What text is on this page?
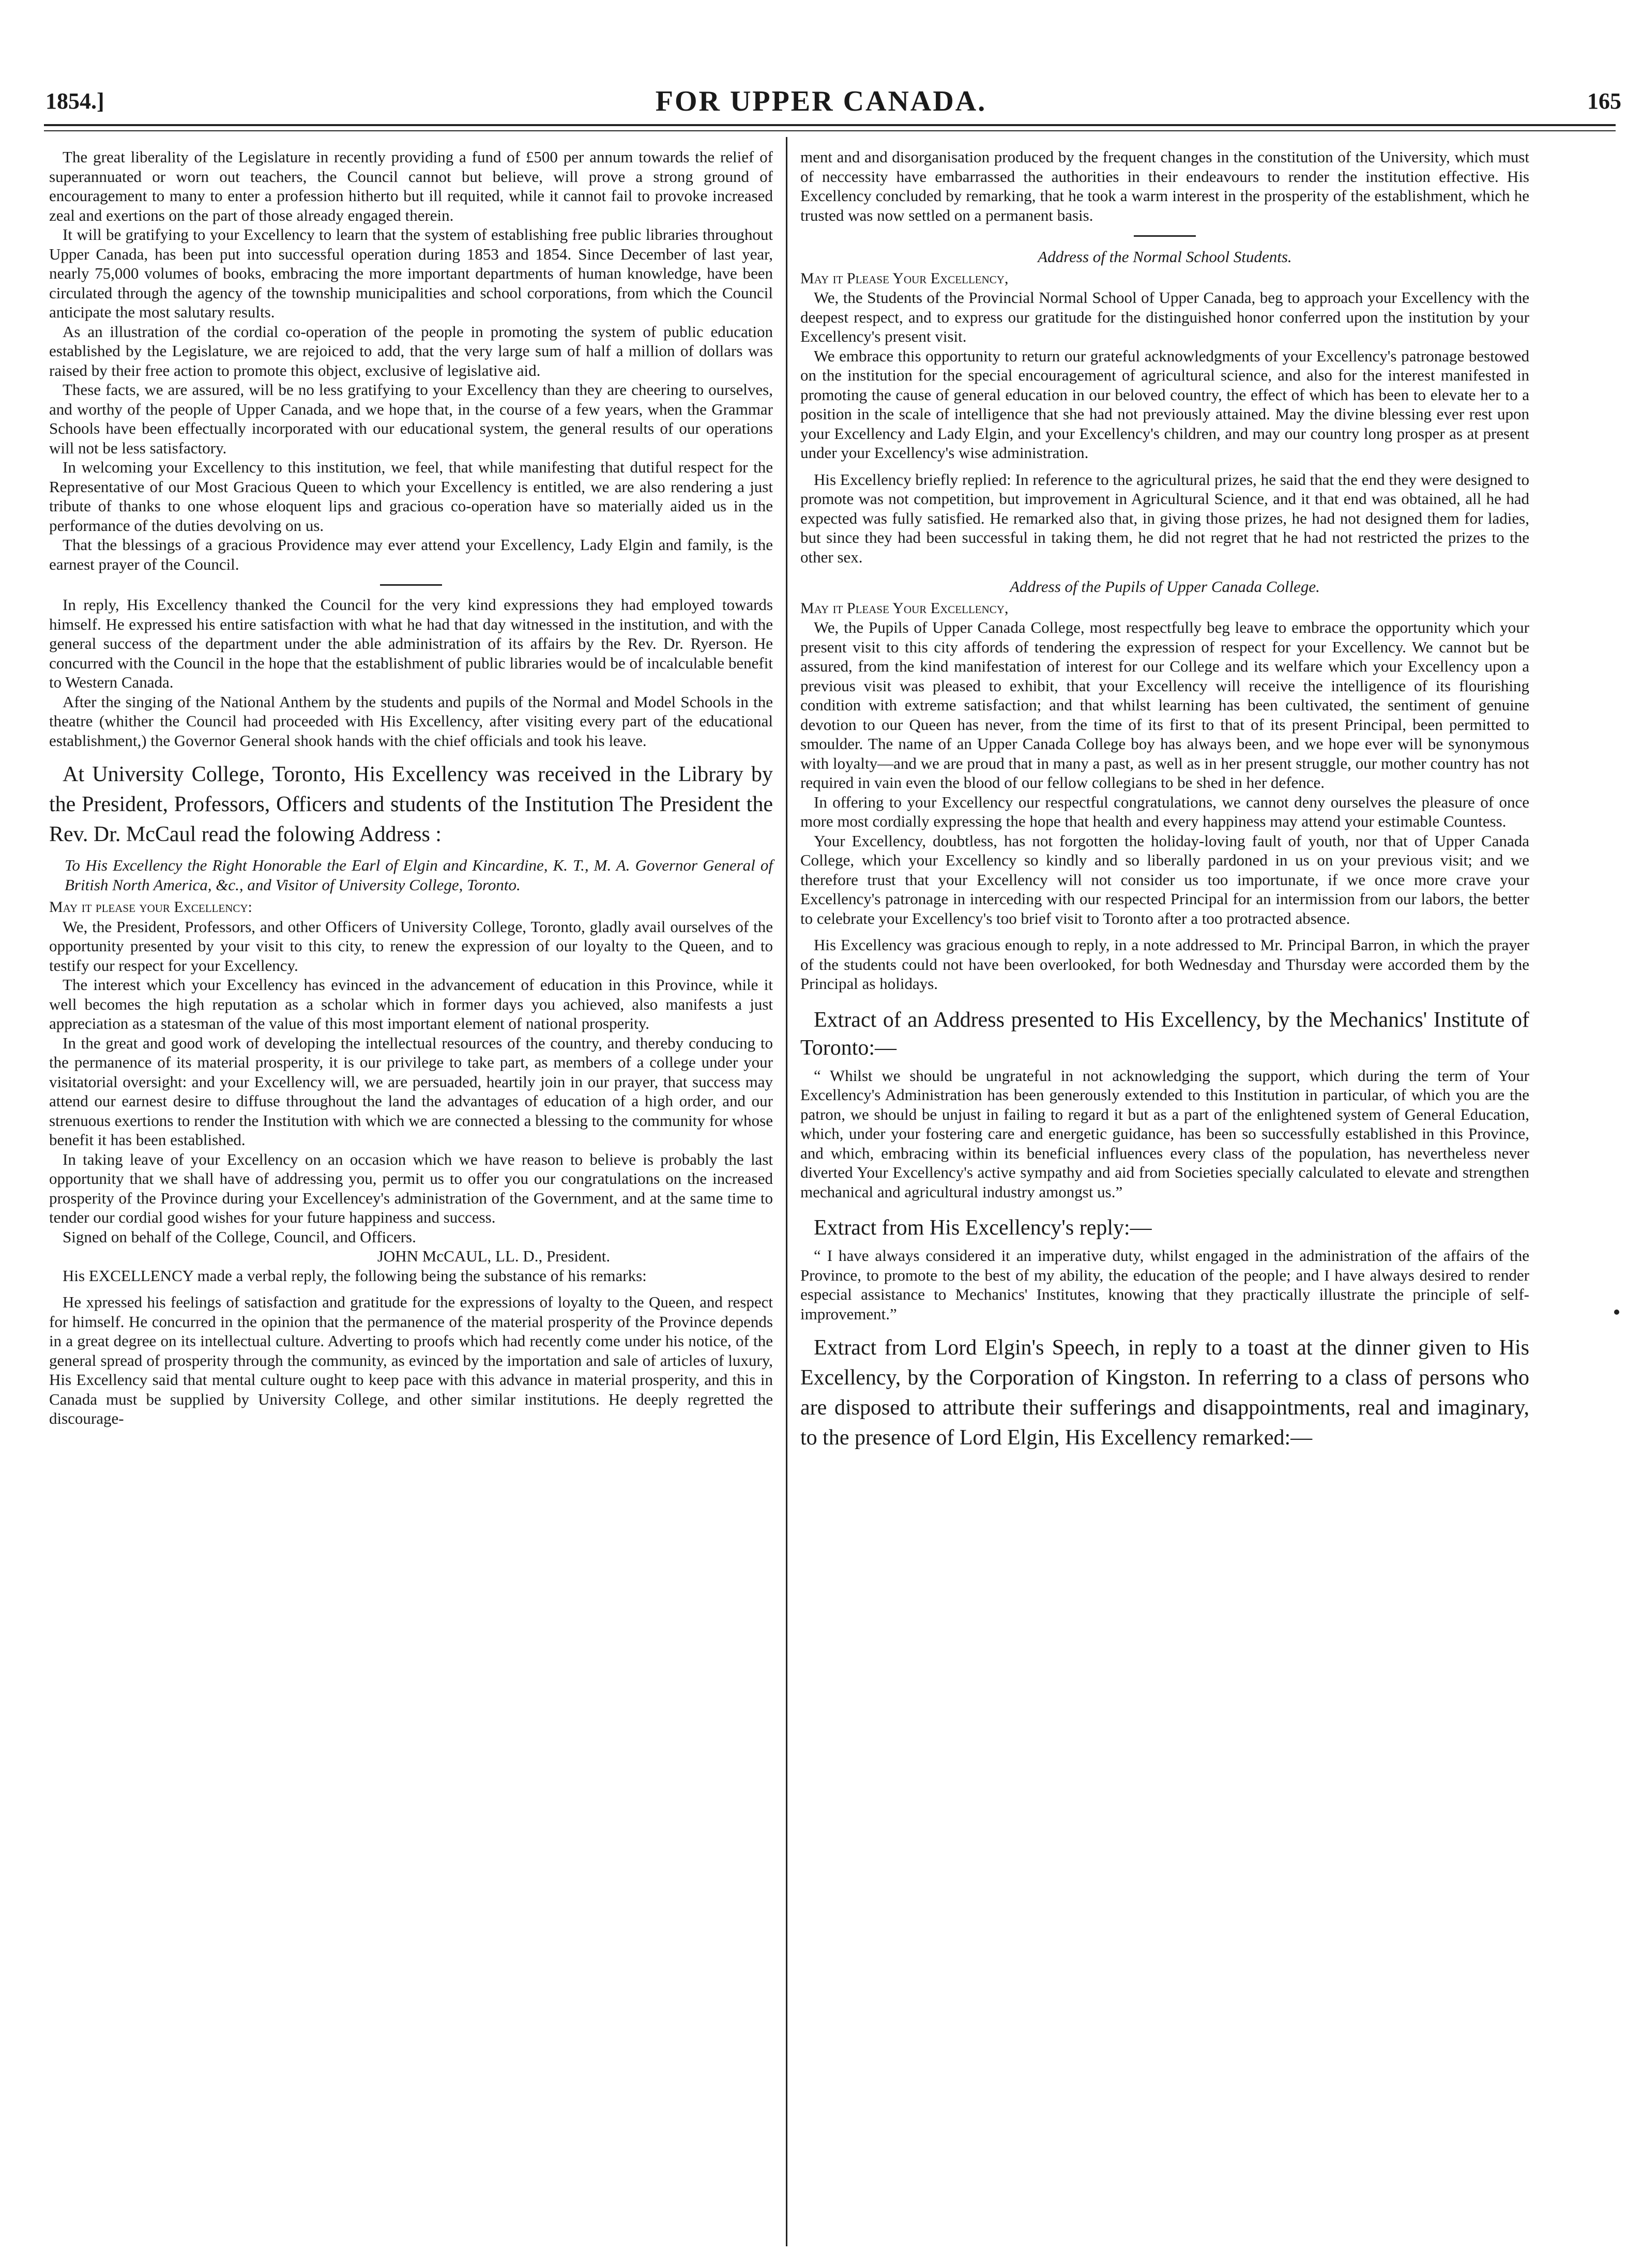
1854.]	FOR UPPER CANADA.	165

The great liberality of the Legislature in recently providing a fund of £500 per annum towards the relief of superannuated or worn out teachers, the Council cannot but believe, will prove a strong ground of encouragement to many to enter a profession hitherto but ill requited, while it cannot fail to provoke increased zeal and exertions on the part of those already engaged therein.

It will be gratifying to your Excellency to learn that the system of establishing free public libraries throughout Upper Canada, has been put into successful operation during 1853 and 1854. Since December of last year, nearly 75,000 volumes of books, embracing the more important departments of human knowledge, have been circulated through the agency of the township municipalities and school corporations, from which the Council anticipate the most salutary results.

As an illustration of the cordial co-operation of the people in promoting the system of public education established by the Legislature, we are rejoiced to add, that the very large sum of half a million of dollars was raised by their free action to promote this object, exclusive of legislative aid.

These facts, we are assured, will be no less gratifying to your Excellency than they are cheering to ourselves, and worthy of the people of Upper Canada, and we hope that, in the course of a few years, when the Grammar Schools have been effectually incorporated with our educational system, the general results of our operations will not be less satisfactory.

In welcoming your Excellency to this institution, we feel, that while manifesting that dutiful respect for the Representative of our Most Gracious Queen to which your Excellency is entitled, we are also rendering a just tribute of thanks to one whose eloquent lips and gracious co-operation have so materially aided us in the performance of the duties devolving on us.

That the blessings of a gracious Providence may ever attend your Excellency, Lady Elgin and family, is the earnest prayer of the Council.

In reply, His Excellency thanked the Council for the very kind expressions they had employed towards himself. He expressed his entire satisfaction with what he had that day witnessed in the institution, and with the general success of the department under the able administration of its affairs by the Rev. Dr. Ryerson. He concurred with the Council in the hope that the establishment of public libraries would be of incalculable benefit to Western Canada.

After the singing of the National Anthem by the students and pupils of the Normal and Model Schools in the theatre (whither the Council had proceeded with His Excellency, after visiting every part of the educational establishment,) the Governor General shook hands with the chief officials and took his leave.

At University College, Toronto, His Excellency was received in the Library by the President, Professors, Officers and students of the Institution The President the Rev. Dr. McCaul read the folowing Address :

To His Excellency the Right Honorable the Earl of Elgin and Kincardine, K. T., M. A. Governor General of British North America, &c., and Visitor of University College, Toronto.

May it please your Excellency:

We, the President, Professors, and other Officers of University College, Toronto, gladly avail ourselves of the opportunity presented by your visit to this city, to renew the expression of our loyalty to the Queen, and to testify our respect for your Excellency.

The interest which your Excellency has evinced in the advancement of education in this Province, while it well becomes the high reputation as a scholar which in former days you achieved, also manifests a just appreciation as a statesman of the value of this most important element of national prosperity.

In the great and good work of developing the intellectual resources of the country, and thereby conducing to the permanence of its material prosperity, it is our privilege to take part, as members of a college under your visitatorial oversight: and your Excellency will, we are persuaded, heartily join in our prayer, that success may attend our earnest desire to diffuse throughout the land the advantages of education of a high order, and our strenuous exertions to render the Institution with which we are connected a blessing to the community for whose benefit it has been established.

In taking leave of your Excellency on an occasion which we have reason to believe is probably the last opportunity that we shall have of addressing you, permit us to offer you our congratulations on the increased prosperity of the Province during your Excellencey's administration of the Government, and at the same time to tender our cordial good wishes for your future happiness and success.

Signed on behalf of the College, Council, and Officers.

JOHN McCAUL, LL. D., President.

His EXCELLENCY made a verbal reply, the following being the substance of his remarks:

He xpressed his feelings of satisfaction and gratitude for the expressions of loyalty to the Queen, and respect for himself. He concurred in the opinion that the permanence of the material prosperity of the Province depends in a great degree on its intellectual culture. Adverting to proofs which had recently come under his notice, of the general spread of prosperity through the community, as evinced by the importation and sale of articles of luxury, His Excellency said that mental culture ought to keep pace with this advance in material prosperity, and this in Canada must be supplied by University College, and other similar institutions. He deeply regretted the discourage-

ment and and disorganisation produced by the frequent changes in the constitution of the University, which must of neccessity have embarrassed the authorities in their endeavours to render the institution effective. His Excellency concluded by remarking, that he took a warm interest in the prosperity of the establishment, which he trusted was now settled on a permanent basis.

Address of the Normal School Students.

May it Please Your Excellency,

We, the Students of the Provincial Normal School of Upper Canada, beg to approach your Excellency with the deepest respect, and to express our gratitude for the distinguished honor conferred upon the institution by your Excellency's present visit.

We embrace this opportunity to return our grateful acknowledgments of your Excellency's patronage bestowed on the institution for the special encouragement of agricultural science, and also for the interest manifested in promoting the cause of general education in our beloved country, the effect of which has been to elevate her to a position in the scale of intelligence that she had not previously attained. May the divine blessing ever rest upon your Excellency and Lady Elgin, and your Excellency's children, and may our country long prosper as at present under your Excellency's wise administration.

His Excellency briefly replied: In reference to the agricultural prizes, he said that the end they were designed to promote was not competition, but improvement in Agricultural Science, and it that end was obtained, all he had expected was fully satisfied. He remarked also that, in giving those prizes, he had not designed them for ladies, but since they had been successful in taking them, he did not regret that he had not restricted the prizes to the other sex.

Address of the Pupils of Upper Canada College.

May it Please Your Excellency,

We, the Pupils of Upper Canada College, most respectfully beg leave to embrace the opportunity which your present visit to this city affords of tendering the expression of respect for your Excellency. We cannot but be assured, from the kind manifestation of interest for our College and its welfare which your Excellency upon a previous visit was pleased to exhibit, that your Excellency will receive the intelligence of its flourishing condition with extreme satisfaction; and that whilst learning has been cultivated, the sentiment of genuine devotion to our Queen has never, from the time of its first to that of its present Principal, been permitted to smoulder. The name of an Upper Canada College boy has always been, and we hope ever will be synonymous with loyalty—and we are proud that in many a past, as well as in her present struggle, our mother country has not required in vain even the blood of our fellow collegians to be shed in her defence.

In offering to your Excellency our respectful congratulations, we cannot deny ourselves the pleasure of once more most cordially expressing the hope that health and every happiness may attend your estimable Countess.

Your Excellency, doubtless, has not forgotten the holiday-loving fault of youth, nor that of Upper Canada College, which your Excellency so kindly and so liberally pardoned in us on your previous visit; and we therefore trust that your Excellency will not consider us too importunate, if we once more crave your Excellency's patronage in interceding with our respected Principal for an intermission from our labors, the better to celebrate your Excellency's too brief visit to Toronto after a too protracted absence.

His Excellency was gracious enough to reply, in a note addressed to Mr. Principal Barron, in which the prayer of the students could not have been overlooked, for both Wednesday and Thursday were accorded them by the Principal as holidays.

Extract of an Address presented to His Excellency, by the Mechanics' Institute of Toronto:—

“ Whilst we should be ungrateful in not acknowledging the support, which during the term of Your Excellency's Administration has been generously extended to this Institution in particular, of which you are the patron, we should be unjust in failing to regard it but as a part of the enlightened system of General Education, which, under your fostering care and energetic guidance, has been so successfully established in this Province, and which, embracing within its beneficial influences every class of the population, has nevertheless never diverted Your Excellency's active sympathy and aid from Societies specially calculated to elevate and strengthen mechanical and agricultural industry amongst us.”

Extract from His Excellency's reply:—

“ I have always considered it an imperative duty, whilst engaged in the administration of the affairs of the Province, to promote to the best of my ability, the education of the people; and I have always desired to render especial assistance to Mechanics' Institutes, knowing that they practically illustrate the principle of self-improvement.”

Extract from Lord Elgin's Speech, in reply to a toast at the dinner given to His Excellency, by the Corporation of Kingston. In referring to a class of persons who are disposed to attribute their sufferings and disappointments, real and imaginary, to the presence of Lord Elgin, His Excellency remarked:—
